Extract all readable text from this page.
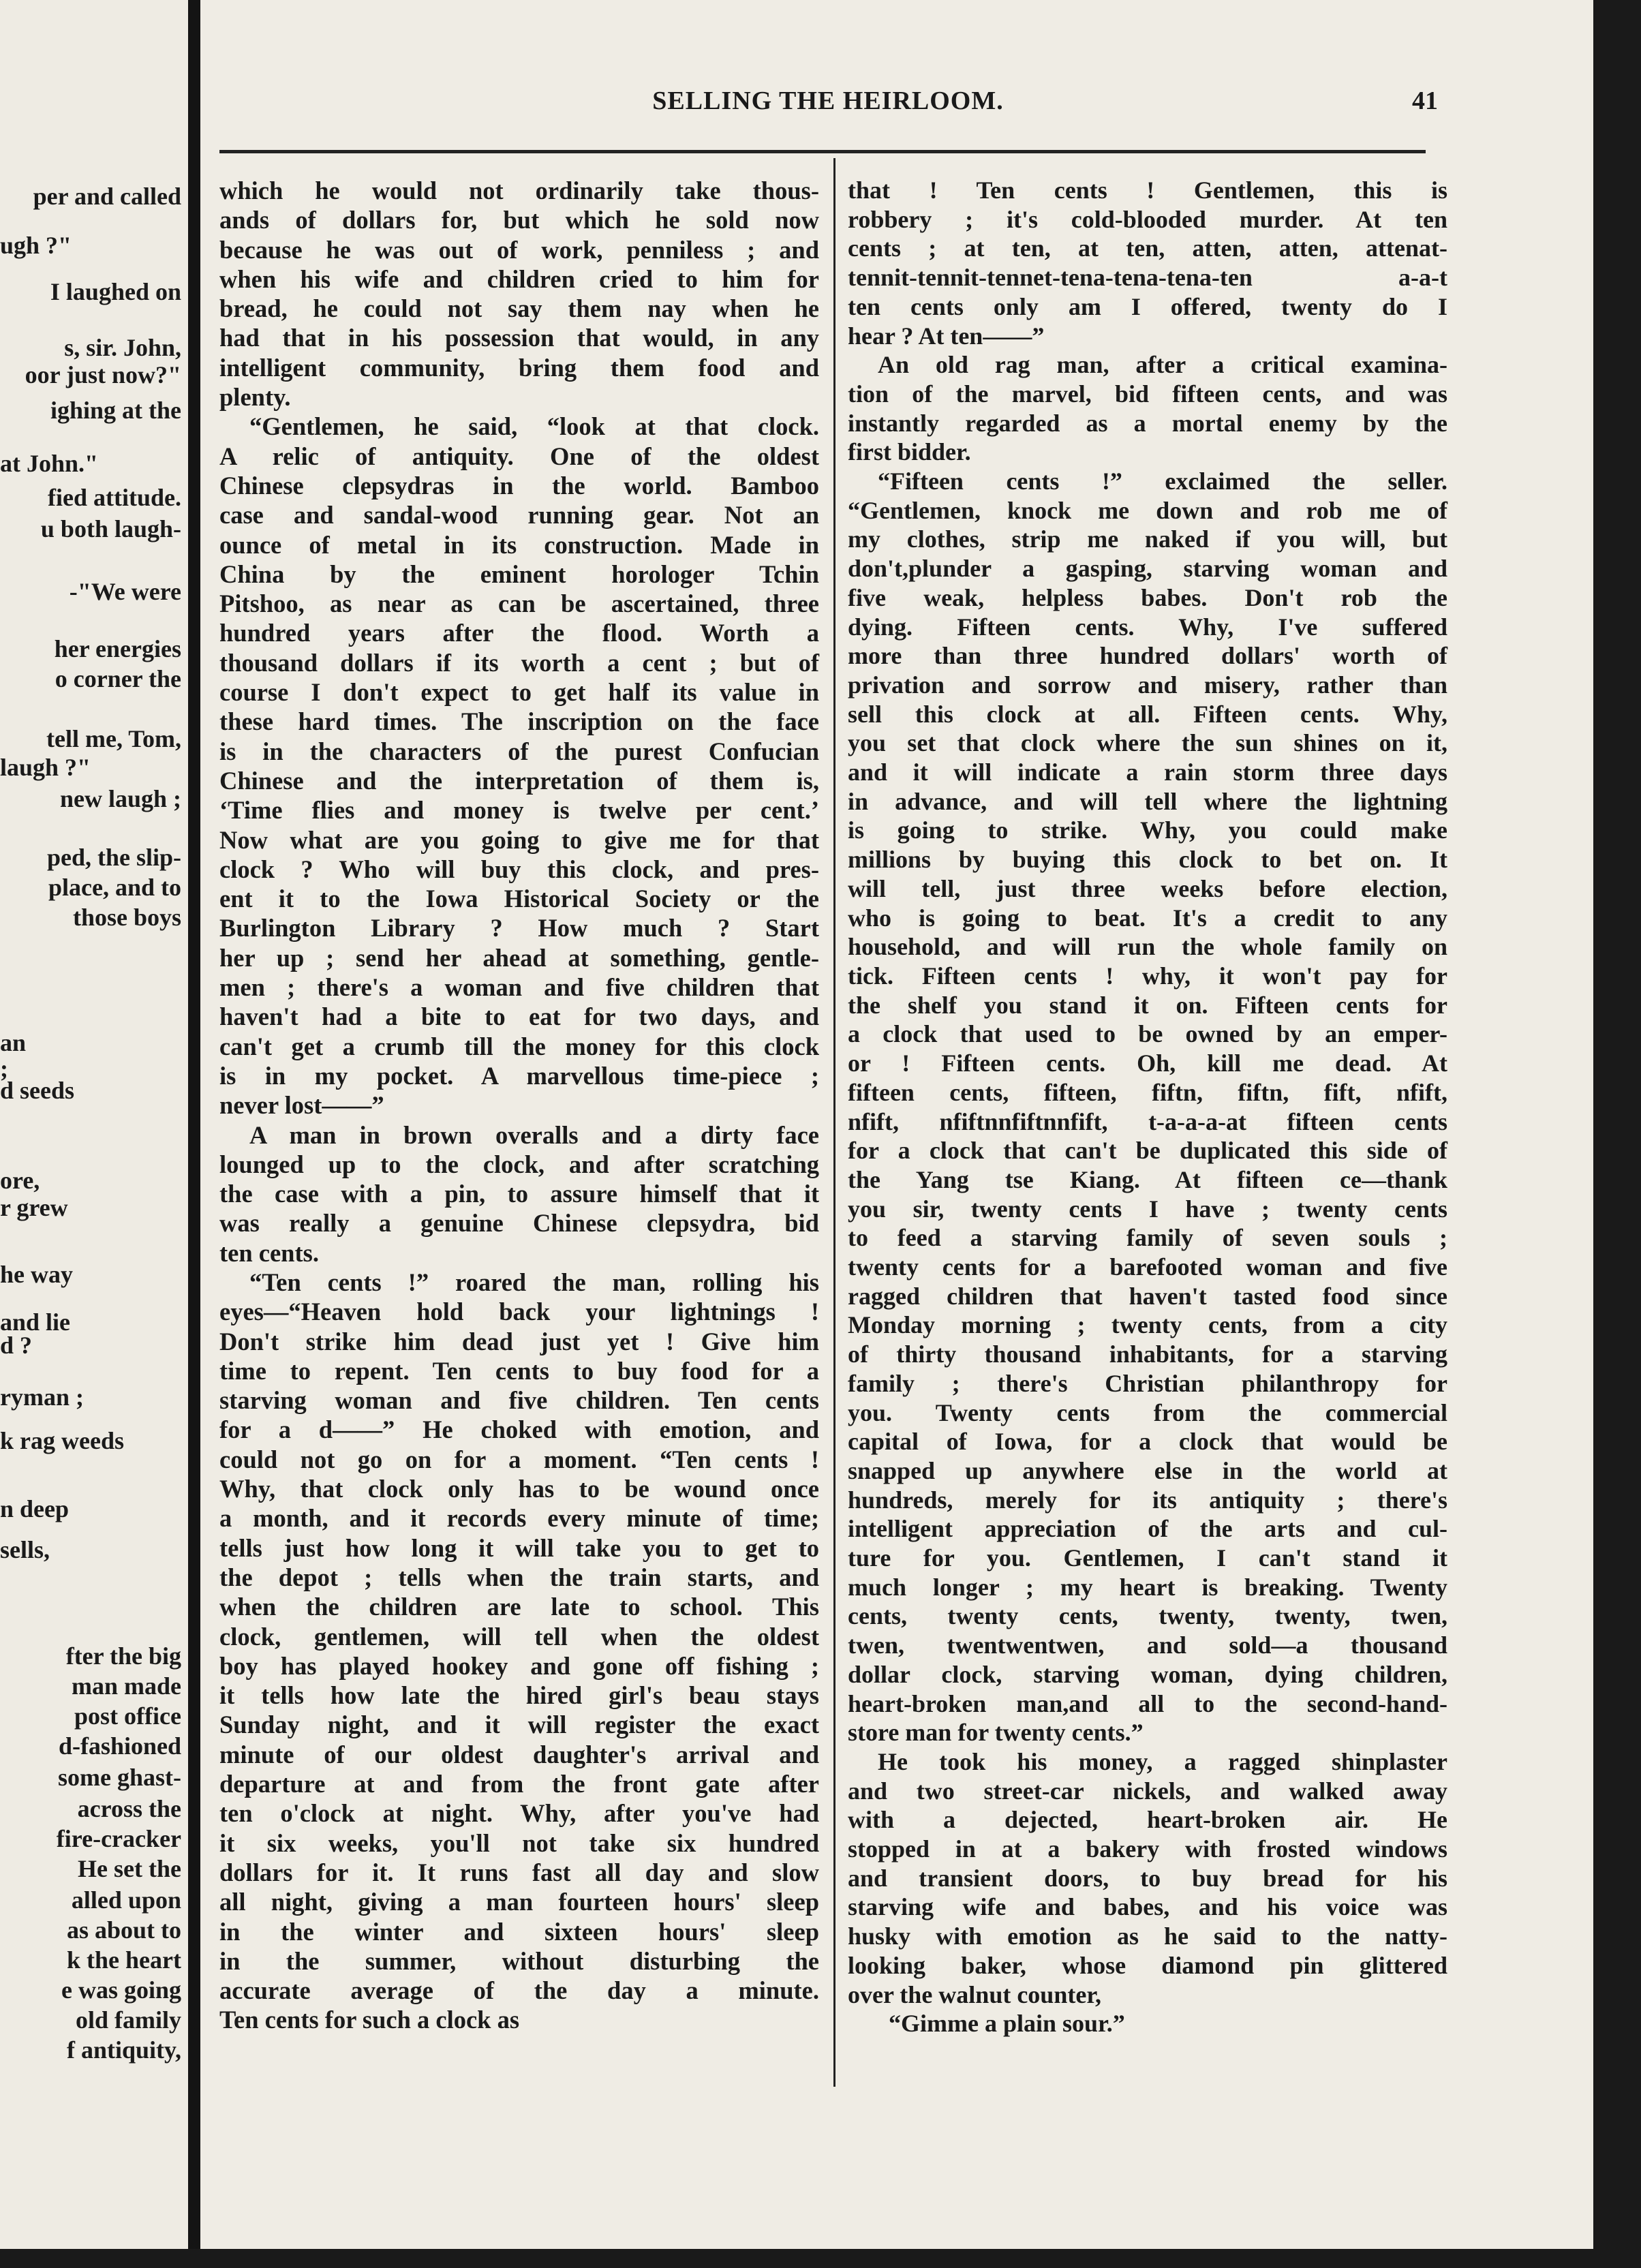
per and called
ugh ?"
I laughed on
s, sir. John,
oor just now?"
ighing at the
at John."
fied attitude.
u both laugh-
-"We were
her energies
o corner the
tell me, Tom,
laugh ?"
new laugh ;
ped, the slip-
place, and to
those boys
an
;
d seeds
ore,
r grew
he way
and lie
d ?
ryman ;
k rag weeds
n deep
sells,
fter the big
man made
post office
d-fashioned
some ghast-
across the
fire-cracker
He set the
alled upon
as about to
k the heart
e was going
old family
f antiquity,
SELLING THE HEIRLOOM.	41

which he would not ordinarily take thous-
ands of dollars for, but which he sold now
because he was out of work, penniless ; and
when his wife and children cried to him for
bread, he could not say them nay when he
had that in his possession that would, in any
intelligent community, bring them food and
plenty.

“Gentlemen, he said, “look at that clock.
A relic of antiquity. One of the oldest
Chinese clepsydras in the world. Bamboo
case and sandal-wood running gear. Not an
ounce of metal in its construction. Made in
China by the eminent horologer Tchin
Pitshoo, as near as can be ascertained, three
hundred years after the flood. Worth a
thousand dollars if its worth a cent ; but of
course I don't expect to get half its value in
these hard times. The inscription on the face
is in the characters of the purest Confucian
Chinese and the interpretation of them is,
‘Time flies and money is twelve per cent.’
Now what are you going to give me for that
clock ? Who will buy this clock, and pres-
ent it to the Iowa Historical Society or the
Burlington Library ? How much ? Start
her up ; send her ahead at something, gentle-
men ; there's a woman and five children that
haven't had a bite to eat for two days, and
can't get a crumb till the money for this clock
is in my pocket. A marvellous time-piece ;
never lost——”

A man in brown overalls and a dirty face
lounged up to the clock, and after scratching
the case with a pin, to assure himself that it
was really a genuine Chinese clepsydra, bid
ten cents.

“Ten cents !” roared the man, rolling his
eyes—“Heaven hold back your lightnings !
Don't strike him dead just yet ! Give him
time to repent. Ten cents to buy food for a
starving woman and five children. Ten cents
for a d——” He choked with emotion, and
could not go on for a moment. “Ten cents !
Why, that clock only has to be wound once
a month, and it records every minute of time;
tells just how long it will take you to get to
the depot ; tells when the train starts, and
when the children are late to school. This
clock, gentlemen, will tell when the oldest
boy has played hookey and gone off fishing ;
it tells how late the hired girl's beau stays
Sunday night, and it will register the exact
minute of our oldest daughter's arrival and
departure at and from the front gate after
ten o'clock at night. Why, after you've had
it six weeks, you'll not take six hundred
dollars for it. It runs fast all day and slow
all night, giving a man fourteen hours' sleep
in the winter and sixteen hours' sleep
in the summer, without disturbing the
accurate average of the day a minute.
Ten cents for such a clock as

that ! Ten cents ! Gentlemen, this is
robbery ; it's cold-blooded murder. At ten
cents ; at ten, at ten, atten, atten, attenat-
tennit-tennit-tennet-tena-tena-tena-ten a-a-t
ten cents only am I offered, twenty do I
hear ? At ten——”

An old rag man, after a critical examina-
tion of the marvel, bid fifteen cents, and was
instantly regarded as a mortal enemy by the
first bidder.

“Fifteen cents !” exclaimed the seller.
“Gentlemen, knock me down and rob me of
my clothes, strip me naked if you will, but
don't,plunder a gasping, starving woman and
five weak, helpless babes. Don't rob the
dying. Fifteen cents. Why, I've suffered
more than three hundred dollars' worth of
privation and sorrow and misery, rather than
sell this clock at all. Fifteen cents. Why,
you set that clock where the sun shines on it,
and it will indicate a rain storm three days
in advance, and will tell where the lightning
is going to strike. Why, you could make
millions by buying this clock to bet on. It
will tell, just three weeks before election,
who is going to beat. It's a credit to any
household, and will run the whole family on
tick. Fifteen cents ! why, it won't pay for
the shelf you stand it on. Fifteen cents for
a clock that used to be owned by an emper-
or ! Fifteen cents. Oh, kill me dead. At
fifteen cents, fifteen, fiftn, fiftn, fift, nfift,
nfift, nfiftnnfiftnnfift, t-a-a-a-at fifteen cents
for a clock that can't be duplicated this side of
the Yang tse Kiang. At fifteen ce—thank
you sir, twenty cents I have ; twenty cents
to feed a starving family of seven souls ;
twenty cents for a barefooted woman and five
ragged children that haven't tasted food since
Monday morning ; twenty cents, from a city
of thirty thousand inhabitants, for a starving
family ; there's Christian philanthropy for
you. Twenty cents from the commercial
capital of Iowa, for a clock that would be
snapped up anywhere else in the world at
hundreds, merely for its antiquity ; there's
intelligent appreciation of the arts and cul-
ture for you. Gentlemen, I can't stand it
much longer ; my heart is breaking. Twenty
cents, twenty cents, twenty, twenty, twen,
twen, twentwentwen, and sold—a thousand
dollar clock, starving woman, dying children,
heart-broken man,and all to the second-hand-
store man for twenty cents.”

He took his money, a ragged shinplaster
and two street-car nickels, and walked away
with a dejected, heart-broken air. He
stopped in at a bakery with frosted windows
and transient doors, to buy bread for his
starving wife and babes, and his voice was
husky with emotion as he said to the natty-
looking baker, whose diamond pin glittered
over the walnut counter,

“Gimme a plain sour.”
